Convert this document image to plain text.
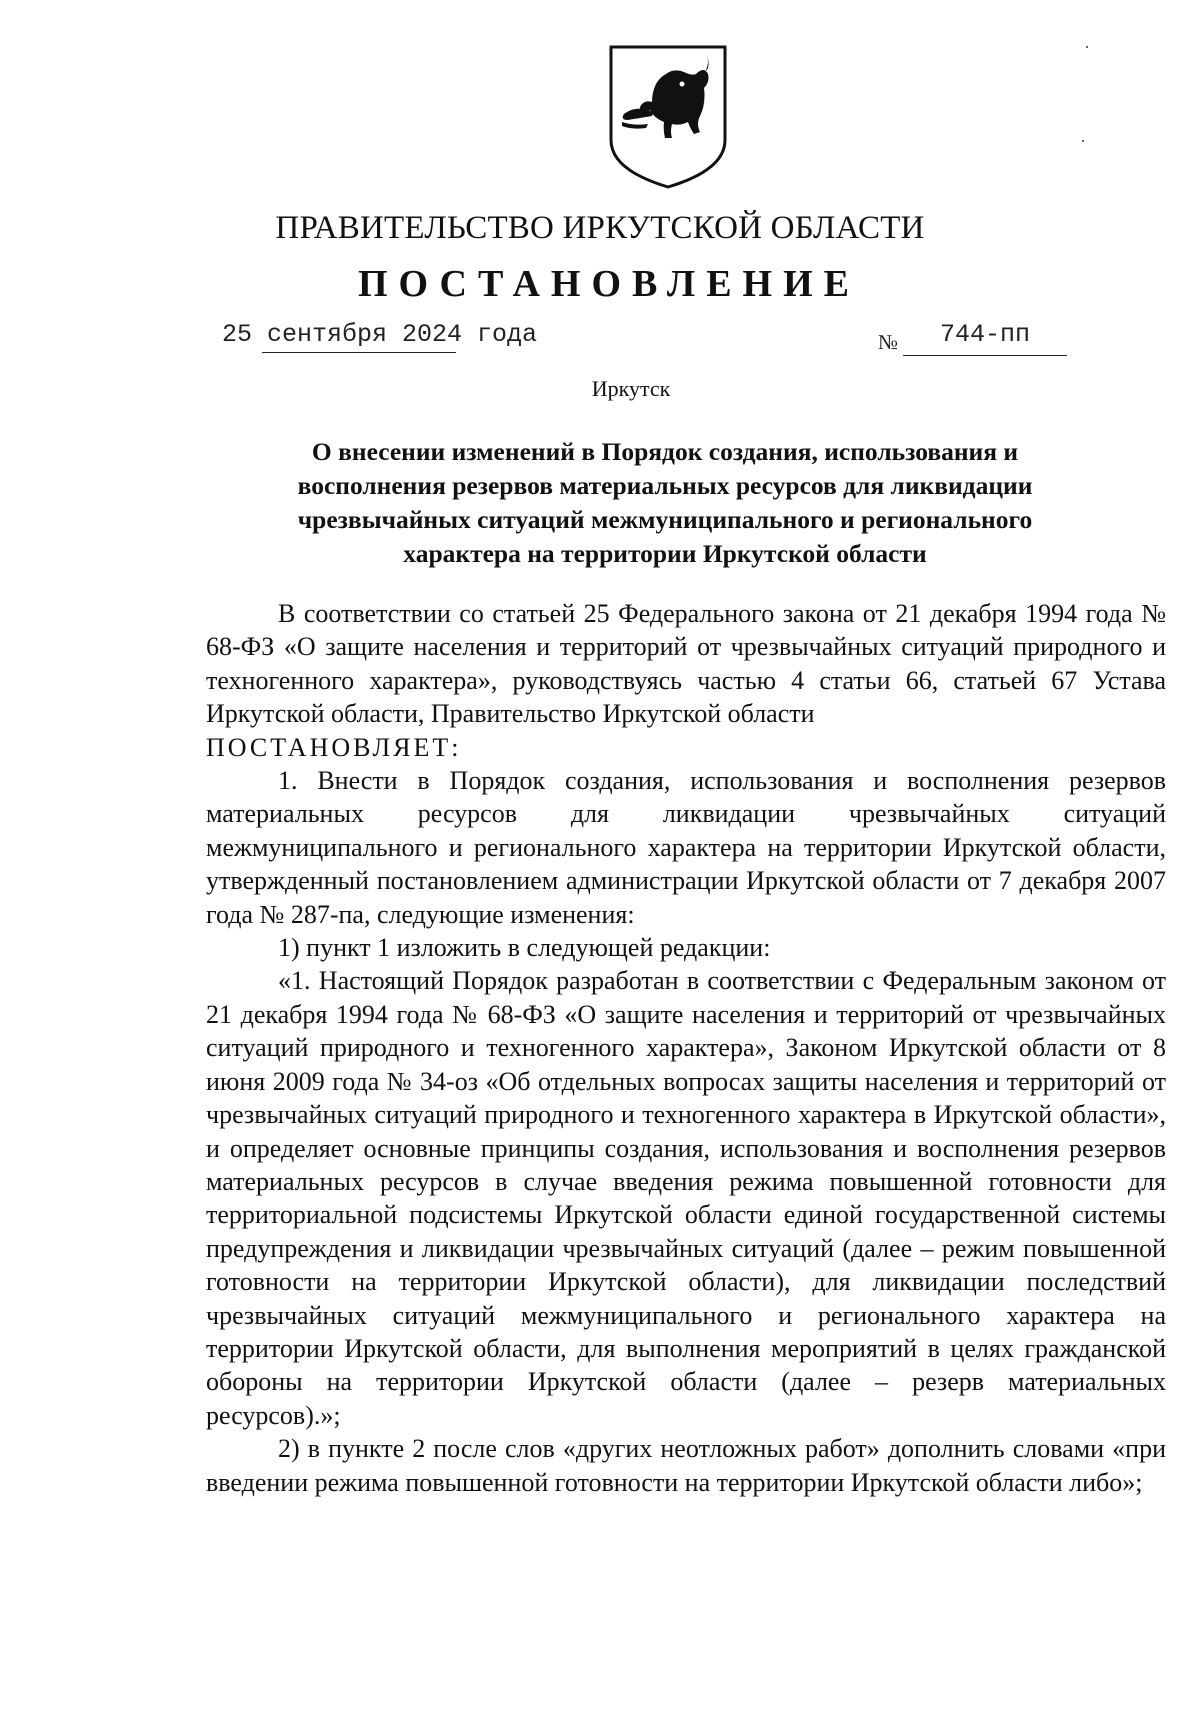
ПРАВИТЕЛЬСТВО ИРКУТСКОЙ ОБЛАСТИ
ПОСТАНОВЛЕНИЕ
25 сентября 2024 года	№ 744-пп
Иркутск
О внесении изменений в Порядок создания, использования и
восполнения резервов материальных ресурсов для ликвидации
чрезвычайных ситуаций межмуниципального и регионального
характера на территории Иркутской области

В соответствии со статьей 25 Федерального закона от 21 декабря 1994 года № 68-ФЗ «О защите населения и территорий от чрезвычайных ситуаций природного и техногенного характера», руководствуясь частью 4 статьи 66, статьей 67 Устава Иркутской области, Правительство Иркутской области

ПОСТАНОВЛЯЕТ:

1. Внести в Порядок создания, использования и восполнения резервов материальных ресурсов для ликвидации чрезвычайных ситуаций межмуниципального и регионального характера на территории Иркутской области, утвержденный постановлением администрации Иркутской области от 7 декабря 2007 года № 287-па, следующие изменения:

1) пункт 1 изложить в следующей редакции:

«1. Настоящий Порядок разработан в соответствии с Федеральным законом от 21 декабря 1994 года № 68-ФЗ «О защите населения и территорий от чрезвычайных ситуаций природного и техногенного характера», Законом Иркутской области от 8 июня 2009 года № 34-оз «Об отдельных вопросах защиты населения и территорий от чрезвычайных ситуаций природного и техногенного характера в Иркутской области», и определяет основные принципы создания, использования и восполнения резервов материальных ресурсов в случае введения режима повышенной готовности для территориальной подсистемы Иркутской области единой государственной системы предупреждения и ликвидации чрезвычайных ситуаций (далее – режим повышенной готовности на территории Иркутской области), для ликвидации последствий чрезвычайных ситуаций межмуниципального и регионального характера на территории Иркутской области, для выполнения мероприятий в целях гражданской обороны на территории Иркутской области (далее – резерв материальных ресурсов).»;

2) в пункте 2 после слов «других неотложных работ» дополнить словами «при введении режима повышенной готовности на территории Иркутской области либо»;
